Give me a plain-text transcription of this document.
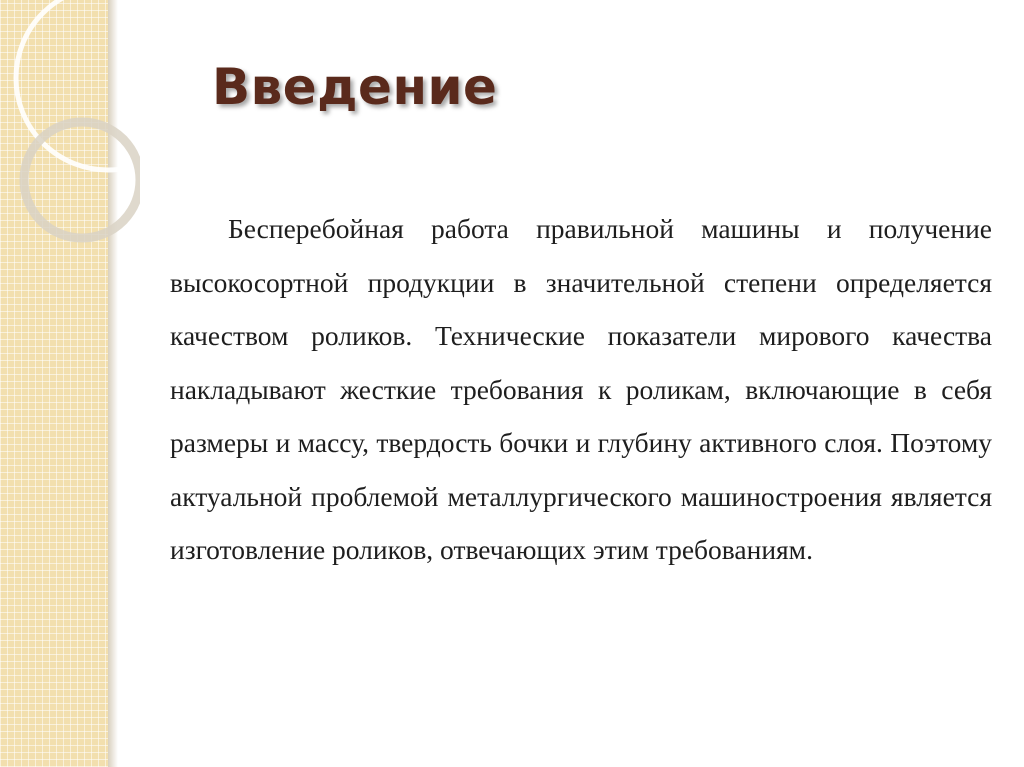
Введение

Бесперебойная работа правильной машины и получение высокосортной продукции в значительной степени определяется качеством роликов. Технические показатели мирового качества накладывают жесткие требования к роликам, включающие в себя размеры и массу, твердость бочки и глубину активного слоя. Поэтому актуальной проблемой металлургического машиностроения является изготовление роликов, отвечающих этим требованиям.
